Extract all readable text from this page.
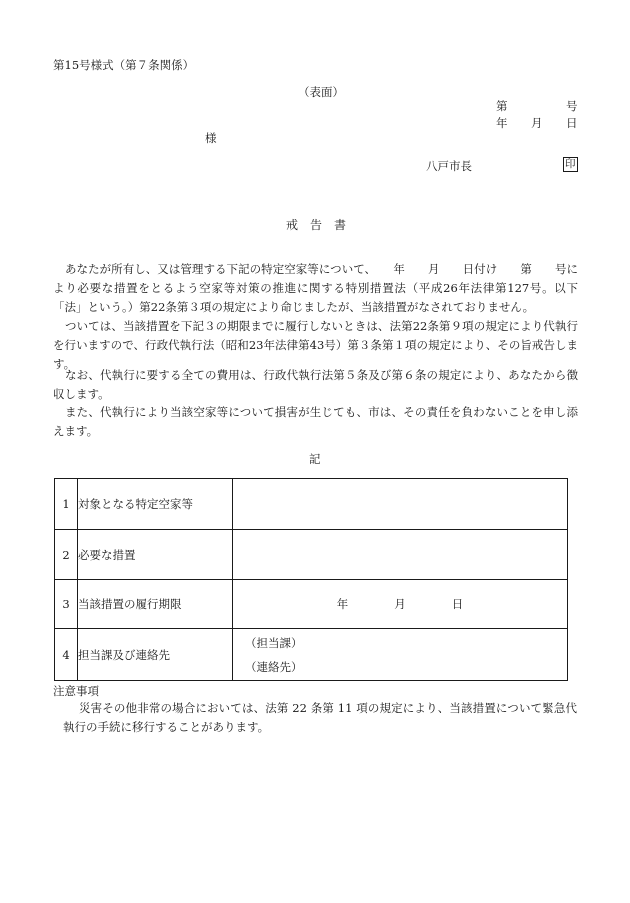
第15号様式（第７条関係）
（表面）
第	号
年 月 日
様
八戸市長	印
戒　告　書
あなたが所有し、又は管理する下記の特定空家等について、　　年　　月　　日付け　　第　　号により必要な措置をとるよう空家等対策の推進に関する特別措置法（平成26年法律第127号。以下「法」という。）第22条第３項の規定により命じましたが、当該措置がなされておりません。
ついては、当該措置を下記３の期限までに履行しないときは、法第22条第９項の規定により代執行を行いますので、行政代執行法（昭和23年法律第43号）第３条第１項の規定により、その旨戒告します。
なお、代執行に要する全ての費用は、行政代執行法第５条及び第６条の規定により、あなたから徴収します。
また、代執行により当該空家等について損害が生じても、市は、その責任を負わないことを申し添えます。
記
1	対象となる特定空家等	
2	必要な措置	
3	当該措置の履行期限	年　　　　月　　　　日
4	担当課及び連絡先	（担当課）
（連絡先）
注意事項
災害その他非常の場合においては、法第 22 条第 11 項の規定により、当該措置について緊急代執行の手続に移行することがあります。
